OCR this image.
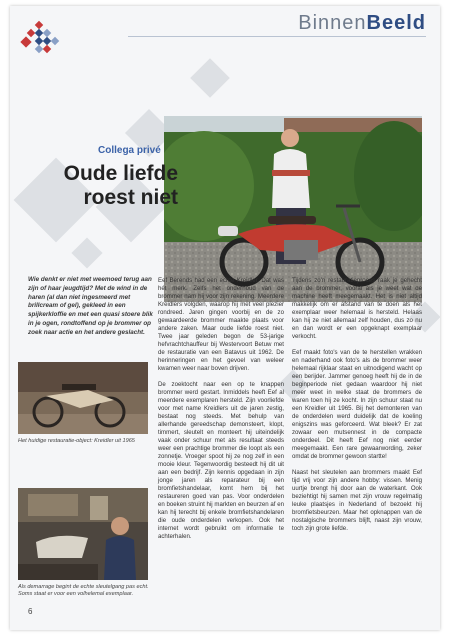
BinnenBeeld
Collega privé
Oude liefde roest niet
Wie denkt er niet met weemoed terug aan zijn of haar jeugdtijd? Met de wind in de haren (al dan niet ingesmeerd met brillcream of gel), gekleed in een spijkerkloffie en met een quasi stoere blik in je ogen, rondtoffend op je brommer op zoek naar actie en het andere geslacht.
Het huidige restauratie-object: Kreidler uit 1965
Als demarrage begint de echte sleutelgang pas echt. Soms staat er voor een volhelemal exemplaar.

Eef Berends had een echte Kreidler. Dat was hét merk. Zelfs het onderhoud van de brommer nam hij voor zijn rekening. Meerdere Kreidlers volgden, waarop hij met veel plezier rondreed. Jaren gingen voorbij en de zo gewaardeerde brommer maakte plaats voor andere zaken. Maar oude liefde roest niet. Twee jaar geleden begon de 53-jarige hefvrachtchauffeur bij Westervoort Betuw met de restauratie van een Batavus uit 1962. De herinneringen en het gevoel van weleer kwamen weer naar boven drijven.

De zoektocht naar een op te knappen brommer werd gestart. Inmiddels heeft Eef al meerdere exemplaren hersteld. Zijn voorliefde voor met name Kreidlers uit de jaren zestig, bestaat nog steeds. Met behulp van allerhande gereedschap demonsteert, klopt, timmert, sleutelt en monteert hij uiteindelijk vaak onder schuur met als resultaat steeds weer een prachtige brommer die loopt als een zonnetje. Vroeger spoot hij ze nog zelf in een mooie kleur. Tegenwoordig besteedt hij dit uit aan een bedrijf. Zijn kennis opgedaan in zijn jonge jaren als reparateur bij een bromfietshandelaar, komt hem bij het restaureren goed van pas. Voor onderdelen en boeken struint hij markten en beurzen af en kan hij terecht bij enkele bromfietshandelaren die oude onderdelen verkopen. Ook het internet wordt gebruikt om informatie te achterhalen.

Tijdens zo'n restauratieproces raak je gehecht aan de brommer, vooral als je weet wat de machine heeft meegemaakt. Het is niet altijd makkelijk om er afstand van te doen als het exemplaar weer helemaal is hersteld. Helaas kan hij ze niet allemaal zelf houden, dus zo nu en dan wordt er een opgeknapt exemplaar verkocht.

Eef maakt foto's van de te herstellen wrakken en naderhand ook foto's als de brommer weer helemaal rijklaar staat en uitnodigend wacht op een berijder. Jammer genoeg heeft hij de in de beginperiode niet gedaan waardoor hij niet meer weet in welke staat de brommers de waren toen hij ze kocht. In zijn schuur staat nu een Kreidler uit 1965. Bij het demonteren van de onderdelen werd duidelijk dat de koeling enigszins was geforceerd. Wat bleek? Er zat zowaar een mutsennest in de compacte onderdeel. Dit heeft Eef nog niet eerder meegemaakt. Een rare gewaarwording, zeker omdat de brommer gewoon startte!

Naast het sleutelen aan brommers maakt Eef tijd vrij voor zijn andere hobby: vissen. Menig uurtje brengt hij door aan de waterkant. Ook beziehtigt hij samen met zijn vrouw regelmatig leuke plaatsjes in Nederland of bezoekt hij bromfietsbeurzen. Maar het opknappen van de nostalgische brommers blijft, naast zijn vrouw, toch zijn grote liefde.

6
